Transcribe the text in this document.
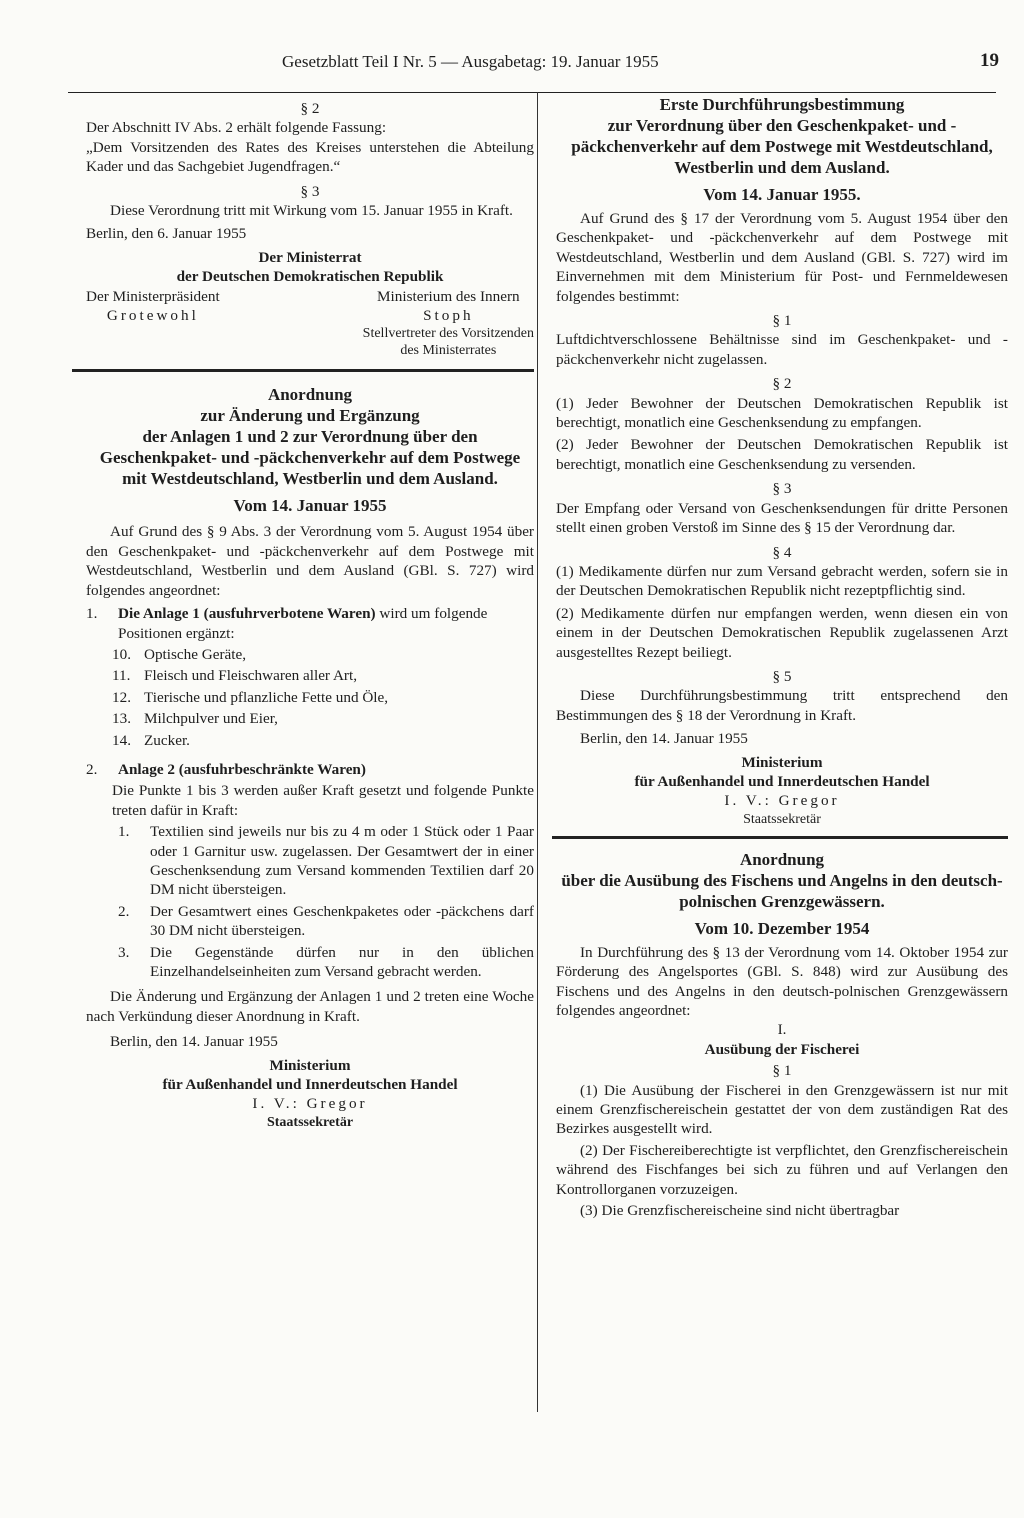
Gesetzblatt Teil I Nr. 5 — Ausgabetag: 19. Januar 1955	19
§ 2

Der Abschnitt IV Abs. 2 erhält folgende Fassung:

„Dem Vorsitzenden des Rates des Kreises unterstehen die Abteilung Kader und das Sachgebiet Jugendfragen.“

§ 3

Diese Verordnung tritt mit Wirkung vom 15. Januar 1955 in Kraft.

Berlin, den 6. Januar 1955

Der Ministerrat
der Deutschen Demokratischen Republik
Der Ministerpräsident
Grotewohl
Ministerium des Innern
Stoph
Stellvertreter des Vorsitzenden
des Ministerrates
Anordnung
zur Änderung und Ergänzung
der Anlagen 1 und 2 zur Verordnung über den Geschenkpaket- und -päckchenverkehr auf dem Postwege mit Westdeutschland, Westberlin und dem Ausland.
Vom 14. Januar 1955

Auf Grund des § 9 Abs. 3 der Verordnung vom 5. August 1954 über den Geschenkpaket- und -päckchenverkehr auf dem Postwege mit Westdeutschland, Westberlin und dem Ausland (GBl. S. 727) wird folgendes angeordnet:

1.	Die Anlage 1 (ausfuhrverbotene Waren) wird um folgende Positionen ergänzt:
10. Optische Geräte,
11. Fleisch und Fleischwaren aller Art,
12. Tierische und pflanzliche Fette und Öle,
13. Milchpulver und Eier,
14. Zucker.
2.	Anlage 2 (ausfuhrbeschränkte Waren)

Die Punkte 1 bis 3 werden außer Kraft gesetzt und folgende Punkte treten dafür in Kraft:

1.	Textilien sind jeweils nur bis zu 4 m oder 1 Stück oder 1 Paar oder 1 Garnitur usw. zugelassen. Der Gesamtwert der in einer Geschenksendung zum Versand kommenden Textilien darf 20 DM nicht übersteigen.
2.	Der Gesamtwert eines Geschenkpaketes oder -päckchens darf 30 DM nicht übersteigen.
3.	Die Gegenstände dürfen nur in den üblichen Einzelhandelseinheiten zum Versand gebracht werden.

Die Änderung und Ergänzung der Anlagen 1 und 2 treten eine Woche nach Verkündung dieser Anordnung in Kraft.

Berlin, den 14. Januar 1955

Ministerium
für Außenhandel und Innerdeutschen Handel
I. V.: Gregor
Staatssekretär
Erste Durchführungsbestimmung
zur Verordnung über den Geschenkpaket- und -päckchenverkehr auf dem Postwege mit Westdeutschland, Westberlin und dem Ausland.
Vom 14. Januar 1955.

Auf Grund des § 17 der Verordnung vom 5. August 1954 über den Geschenkpaket- und -päckchenverkehr auf dem Postwege mit Westdeutschland, Westberlin und dem Ausland (GBl. S. 727) wird im Einvernehmen mit dem Ministerium für Post- und Fernmeldewesen folgendes bestimmt:

§ 1

Luftdichtverschlossene Behältnisse sind im Geschenkpaket- und -päckchenverkehr nicht zugelassen.

§ 2

(1) Jeder Bewohner der Deutschen Demokratischen Republik ist berechtigt, monatlich eine Geschenksendung zu empfangen.

(2) Jeder Bewohner der Deutschen Demokratischen Republik ist berechtigt, monatlich eine Geschenksendung zu versenden.

§ 3

Der Empfang oder Versand von Geschenksendungen für dritte Personen stellt einen groben Verstoß im Sinne des § 15 der Verordnung dar.

§ 4

(1) Medikamente dürfen nur zum Versand gebracht werden, sofern sie in der Deutschen Demokratischen Republik nicht rezeptpflichtig sind.

(2) Medikamente dürfen nur empfangen werden, wenn diesen ein von einem in der Deutschen Demokratischen Republik zugelassenen Arzt ausgestelltes Rezept beiliegt.

§ 5

Diese Durchführungsbestimmung tritt entsprechend den Bestimmungen des § 18 der Verordnung in Kraft.

Berlin, den 14. Januar 1955

Ministerium
für Außenhandel und Innerdeutschen Handel
I. V.: Gregor
Staatssekretär
Anordnung
über die Ausübung des Fischens und Angelns in den deutsch-polnischen Grenzgewässern.
Vom 10. Dezember 1954

In Durchführung des § 13 der Verordnung vom 14. Oktober 1954 zur Förderung des Angelsportes (GBl. S. 848) wird zur Ausübung des Fischens und des Angelns in den deutsch-polnischen Grenzgewässern folgendes angeordnet:

I.
Ausübung der Fischerei
§ 1

(1) Die Ausübung der Fischerei in den Grenzgewässern ist nur mit einem Grenzfischereischein gestattet der von dem zuständigen Rat des Bezirkes ausgestellt wird.

(2) Der Fischereiberechtigte ist verpflichtet, den Grenzfischereischein während des Fischfanges bei sich zu führen und auf Verlangen den Kontrollorganen vorzuzeigen.

(3) Die Grenzfischereischeine sind nicht übertragbar
